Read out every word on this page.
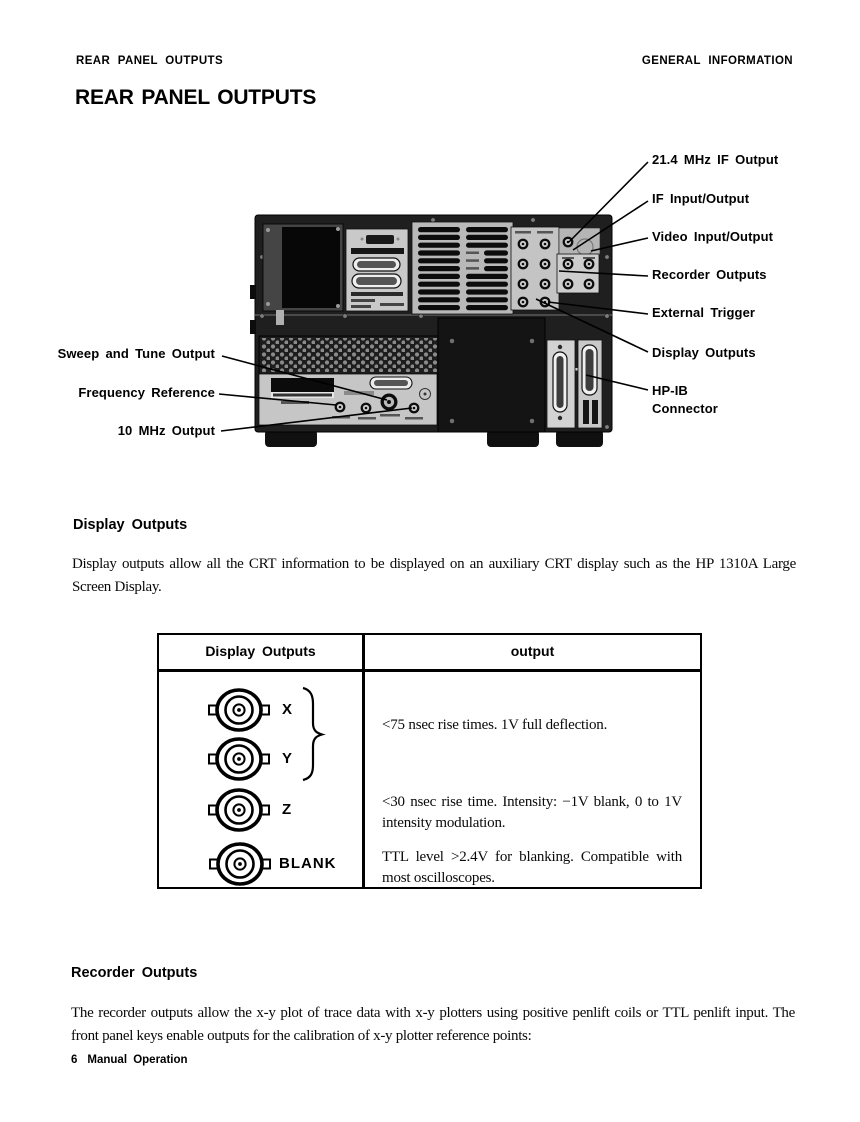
REAR PANEL OUTPUTS	GENERAL INFORMATION
REAR PANEL OUTPUTS
21.4 MHz IF Output
IF Input/Output
Video Input/Output
Recorder Outputs
External Trigger
Display Outputs
HP-IB
Connector
Sweep and Tune Output
Frequency Reference
10 MHz Output
Display Outputs
Display outputs allow all the CRT information to be displayed on an auxiliary CRT display such as the HP 1310A Large Screen Display.
Display Outputs	output
X
Y
Z
BLANK
<75 nsec rise times. 1V full deflection.
<30 nsec rise time. Intensity: −1V blank, 0 to 1V intensity modulation.
TTL level >2.4V for blanking. Compatible with most oscilloscopes.
Recorder Outputs
The recorder outputs allow the x-y plot of trace data with x-y plotters using positive penlift coils or TTL penlift input. The front panel keys enable outputs for the calibration of x-y plotter reference points:
6 Manual Operation
